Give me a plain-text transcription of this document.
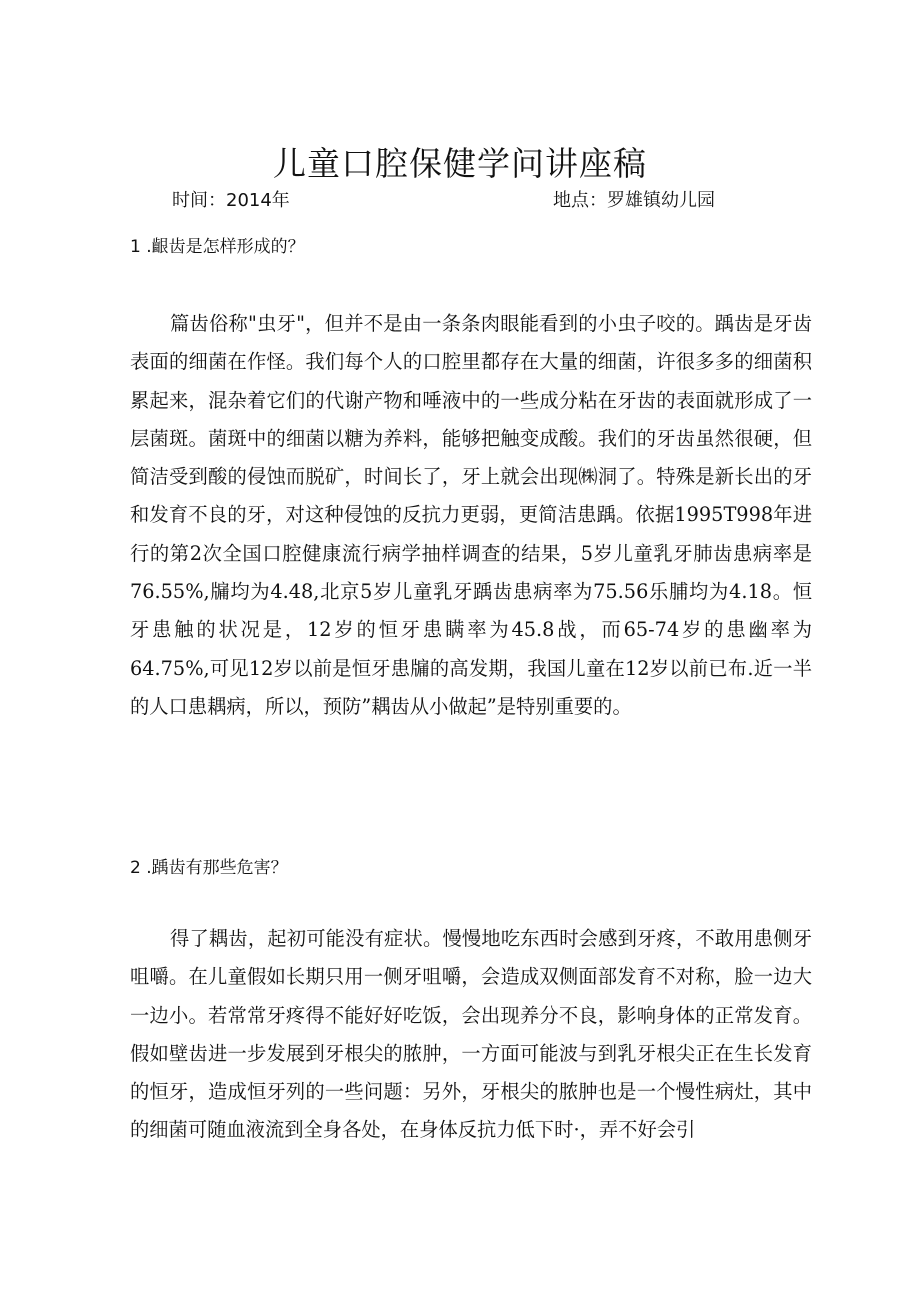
儿童口腔保健学问讲座稿
时间：2014年	地点：罗雄镇幼儿园
1 .齦齿是怎样形成的？

篇齿俗称"虫牙"，但并不是由一条条肉眼能看到的小虫子咬的。踽齿是牙齿表面的细菌在作怪。我们每个人的口腔里都存在大量的细菌，许很多多的细菌积累起来，混杂着它们的代谢产物和唾液中的一些成分粘在牙齿的表面就形成了一层菌斑。菌斑中的细菌以糖为养料，能够把触变成酸。我们的牙齿虽然很硬，但简洁受到酸的侵蚀而脱矿，时间长了，牙上就会出现㈱洞了。特殊是新长出的牙和发育不良的牙，对这种侵蚀的反抗力更弱，更简洁患踽。依据1995T998年进行的第2次全国口腔健康流行病学抽样调查的结果，5岁儿童乳牙肺齿患病率是76.55%,牖均为4.48,北京5岁儿童乳牙踽齿患病率为75.56乐脯均为4.18。恒牙患触的状况是，12岁的恒牙患瞒率为45.8战，而65-74岁的患幽率为64.75%,可见12岁以前是恒牙患牖的高发期，我国儿童在12岁以前已布.近一半的人口患耦病，所以，预防”耦齿从小做起”是特别重要的。

2 .踽齿有那些危害？

得了耦齿，起初可能没有症状。慢慢地吃东西时会感到牙疼，不敢用患侧牙咀嚼。在儿童假如长期只用一侧牙咀嚼，会造成双侧面部发育不对称，脸一边大一边小。若常常牙疼得不能好好吃饭，会出现养分不良，影响身体的正常发育。假如壁齿进一步发展到牙根尖的脓肿，一方面可能波与到乳牙根尖正在生长发育的恒牙，造成恒牙列的一些问题：另外，牙根尖的脓肿也是一个慢性病灶，其中的细菌可随血液流到全身各处，在身体反抗力低下时·，弄不好会引
